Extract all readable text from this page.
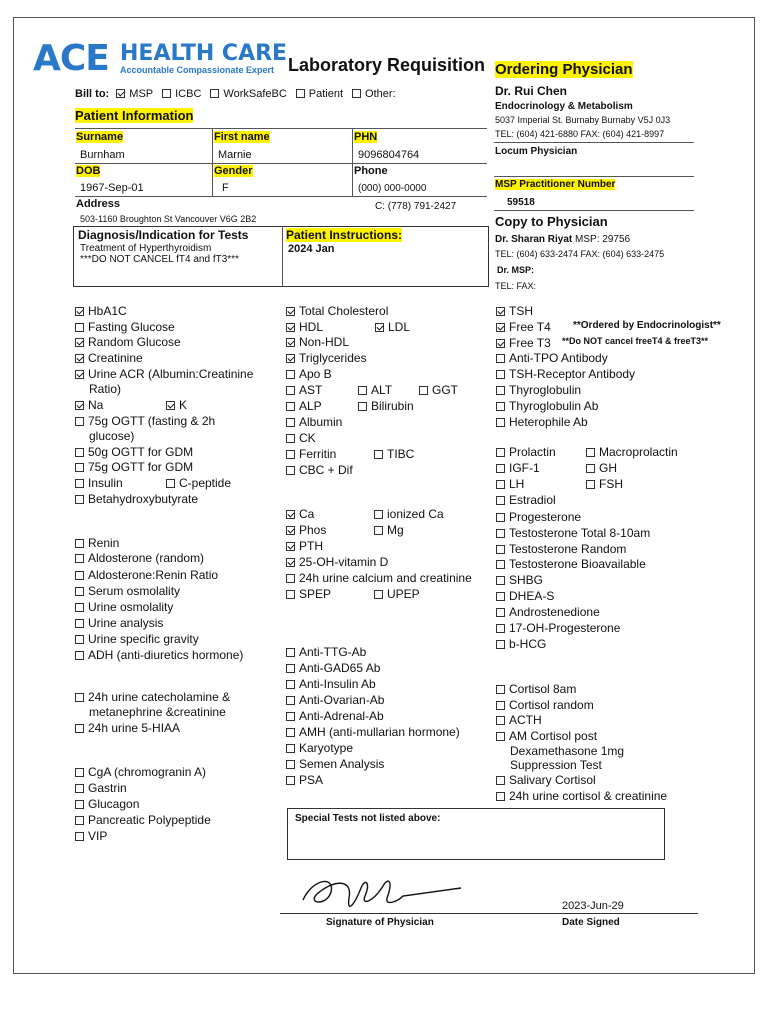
ACE HEALTH CARE
Accountable Compassionate Expert Laboratory Requisition
Bill to: MSP ICBC WorkSafeBC Patient Other:
Patient Information
Surname	First name	PHN
Burnham	Marnie	9096804764
DOB	Gender	Phone
1967-Sep-01	F	(000) 000-0000
Address	C: (778) 791-2427
503-1160 Broughton St Vancouver V6G 2B2
Diagnosis/Indication for Tests
Treatment of Hyperthyroidism
***DO NOT CANCEL fT4 and fT3***
Patient Instructions:
2024 Jan
Ordering Physician
Dr. Rui Chen
Endocrinology & Metabolism
5037 Imperial St. Burnaby Burnaby V5J 0J3
TEL: (604) 421-6880 FAX: (604) 421-8997
Locum Physician
MSP Practitioner Number
59518
Copy to Physician
Dr. Sharan Riyat MSP: 29756
TEL: (604) 633-2474 FAX: (604) 633-2475
Dr. MSP:
TEL: FAX:
HbA1C
Fasting Glucose
Random Glucose
Creatinine
Urine ACR (Albumin:Creatinine
Ratio)
Na	K
75g OGTT (fasting & 2h
glucose)
50g OGTT for GDM
75g OGTT for GDM
Insulin	C-peptide
Betahydroxybutyrate
Renin
Aldosterone (random)
Aldosterone:Renin Ratio
Serum osmolality
Urine osmolality
Urine analysis
Urine specific gravity
ADH (anti-diuretics hormone)
24h urine catecholamine &
metanephrine &creatinine
24h urine 5-HIAA
CgA (chromogranin A)
Gastrin
Glucagon
Pancreatic Polypeptide
VIP
Total Cholesterol
HDL	LDL
Non-HDL
Triglycerides
Apo B
AST	ALT	GGT
ALP	Bilirubin
Albumin
CK
Ferritin	TIBC
CBC + Dif
Ca	ionized Ca
Phos	Mg
PTH
25-OH-vitamin D
24h urine calcium and creatinine
SPEP	UPEP
Anti-TTG-Ab
Anti-GAD65 Ab
Anti-Insulin Ab
Anti-Ovarian-Ab
Anti-Adrenal-Ab
AMH (anti-mullarian hormone)
Karyotype
Semen Analysis
PSA
TSH
Free T4
Free T3
Anti-TPO Antibody
TSH-Receptor Antibody
Thyroglobulin
Thyroglobulin Ab
Heterophile Ab
Prolactin	Macroprolactin
IGF-1	GH
LH	FSH
Estradiol
Progesterone
Testosterone Total 8-10am
Testosterone Random
Testosterone Bioavailable
SHBG
DHEA-S
Androstenedione
17-OH-Progesterone
b-HCG
Cortisol 8am
Cortisol random
ACTH
AM Cortisol post
Dexamethasone 1mg
Suppression Test
Salivary Cortisol
24h urine cortisol & creatinine
**Ordered by Endocrinologist**
**Do NOT cancel freeT4 & freeT3**
Special Tests not listed above:
Signature of Physician
2023-Jun-29
Date Signed
